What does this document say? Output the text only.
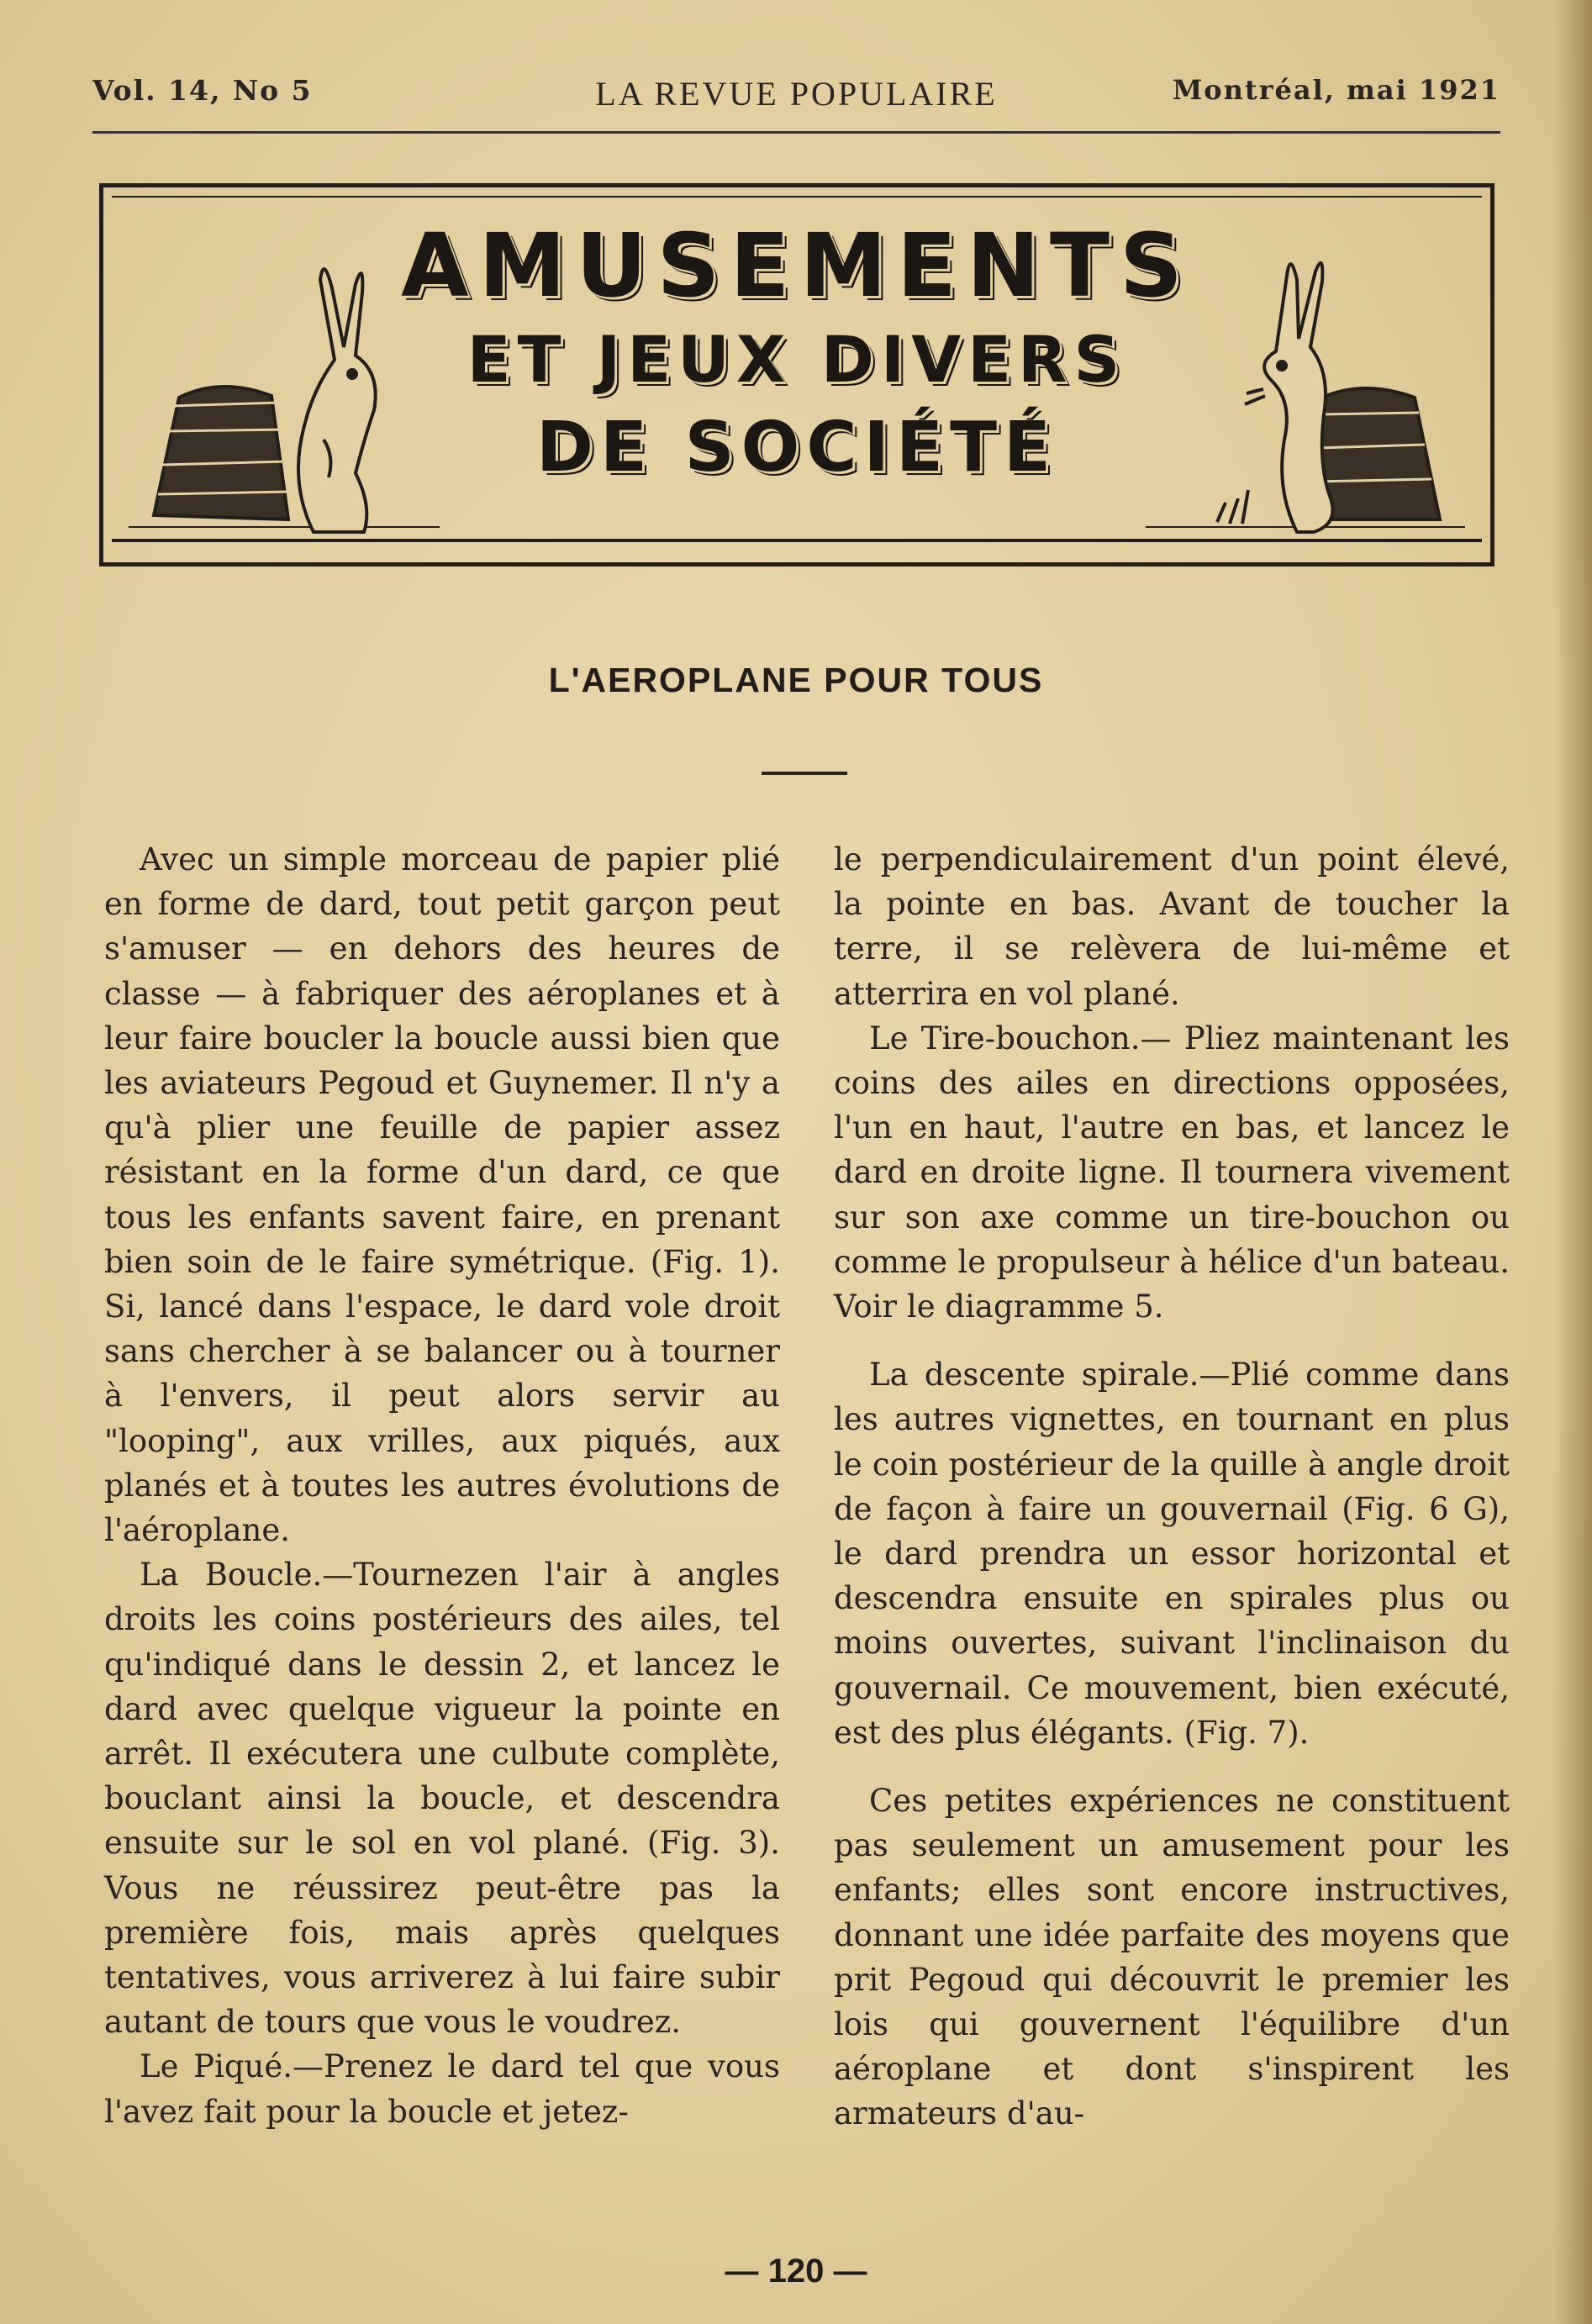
LA REVUE POPULAIRE
Vol. 14, No 5	Montréal, mai 1921
AMUSEMENTS
ET JEUX DIVERS
DE SOCIÉTÉ
L'AEROPLANE POUR TOUS

Avec un simple morceau de papier plié en forme de dard, tout petit garçon peut s'amuser — en dehors des heures de classe — à fabriquer des aéroplanes et à leur faire boucler la boucle aussi bien que les aviateurs Pegoud et Guynemer. Il n'y a qu'à plier une feuille de papier assez résistant en la forme d'un dard, ce que tous les enfants savent faire, en prenant bien soin de le faire symétrique. (Fig. 1). Si, lancé dans l'espace, le dard vole droit sans chercher à se balancer ou à tourner à l'envers, il peut alors servir au "looping", aux vrilles, aux piqués, aux planés et à toutes les autres évolutions de l'aéroplane.

La Boucle.—Tournezen l'air à angles droits les coins postérieurs des ailes, tel qu'indiqué dans le dessin 2, et lancez le dard avec quelque vigueur la pointe en arrêt. Il exécutera une culbute complète, bouclant ainsi la boucle, et descendra ensuite sur le sol en vol plané. (Fig. 3). Vous ne réussirez peut-être pas la première fois, mais après quelques tentatives, vous arriverez à lui faire subir autant de tours que vous le voudrez.

Le Piqué.—Prenez le dard tel que vous l'avez fait pour la boucle et jetez-

le perpendiculairement d'un point élevé, la pointe en bas. Avant de toucher la terre, il se relèvera de lui-même et atterrira en vol plané.

Le Tire-bouchon.— Pliez maintenant les coins des ailes en directions opposées, l'un en haut, l'autre en bas, et lancez le dard en droite ligne. Il tournera vivement sur son axe comme un tire-bouchon ou comme le propulseur à hélice d'un bateau. Voir le diagramme 5.

La descente spirale.—Plié comme dans les autres vignettes, en tournant en plus le coin postérieur de la quille à angle droit de façon à faire un gouvernail (Fig. 6 G), le dard prendra un essor horizontal et descendra ensuite en spirales plus ou moins ouvertes, suivant l'inclinaison du gouvernail. Ce mouvement, bien exécuté, est des plus élégants. (Fig. 7).

Ces petites expériences ne constituent pas seulement un amusement pour les enfants; elles sont encore instructives, donnant une idée parfaite des moyens que prit Pegoud qui découvrit le premier les lois qui gouvernent l'équilibre d'un aéroplane et dont s'inspirent les armateurs d'au-

— 120 —
